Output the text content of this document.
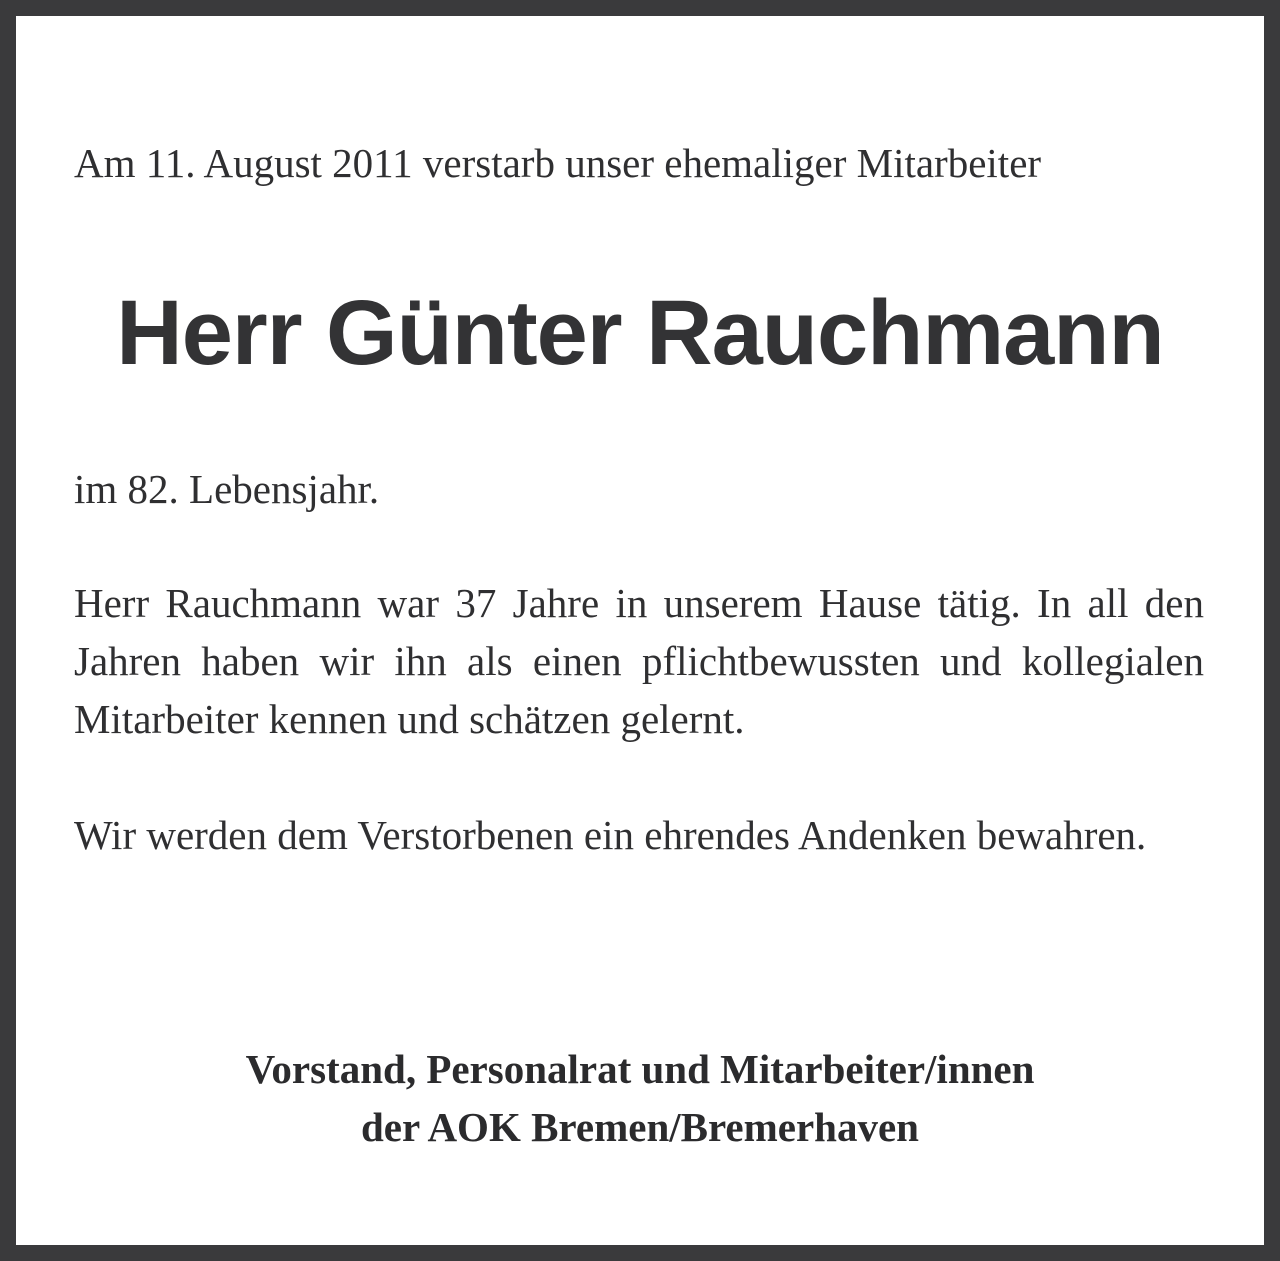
Am 11. August 2011 verstarb unser ehemaliger Mitarbeiter

Herr Günter Rauchmann

im 82. Lebensjahr.

Herr Rauchmann war 37 Jahre in unserem Hause tätig. In all den Jahren haben wir ihn als einen pflichtbewussten und kollegialen Mitarbeiter kennen und schätzen gelernt.

Wir werden dem Verstorbenen ein ehrendes Andenken bewahren.

Vorstand, Personalrat und Mitarbeiter/innen
der AOK Bremen/Bremerhaven
